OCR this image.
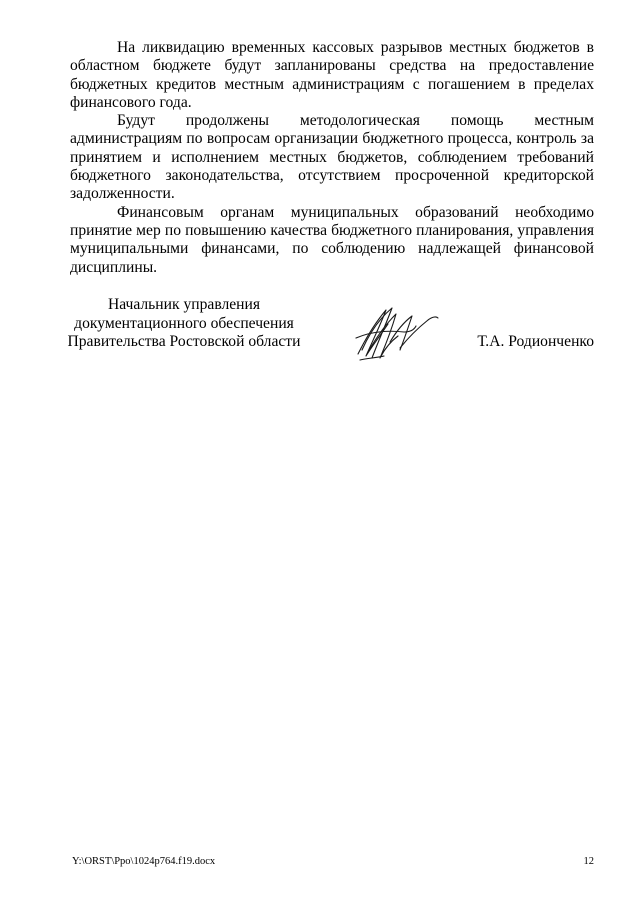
На ликвидацию временных кассовых разрывов местных бюджетов в областном бюджете будут запланированы средства на предоставление бюджетных кредитов местным администрациям с погашением в пределах финансового года.

Будут продолжены методологическая помощь местным администрациям по вопросам организации бюджетного процесса, контроль за принятием и исполнением местных бюджетов, соблюдением требований бюджетного законодательства, отсутствием просроченной кредиторской задолженности.

Финансовым органам муниципальных образований необходимо принятие мер по повышению качества бюджетного планирования, управления муниципальными финансами, по соблюдению надлежащей финансовой дисциплины.

Начальник управления
документационного обеспечения
Правительства Ростовской области	Т.А. Родионченко
Y:\ORST\Ppo\1024p764.f19.docx	12
